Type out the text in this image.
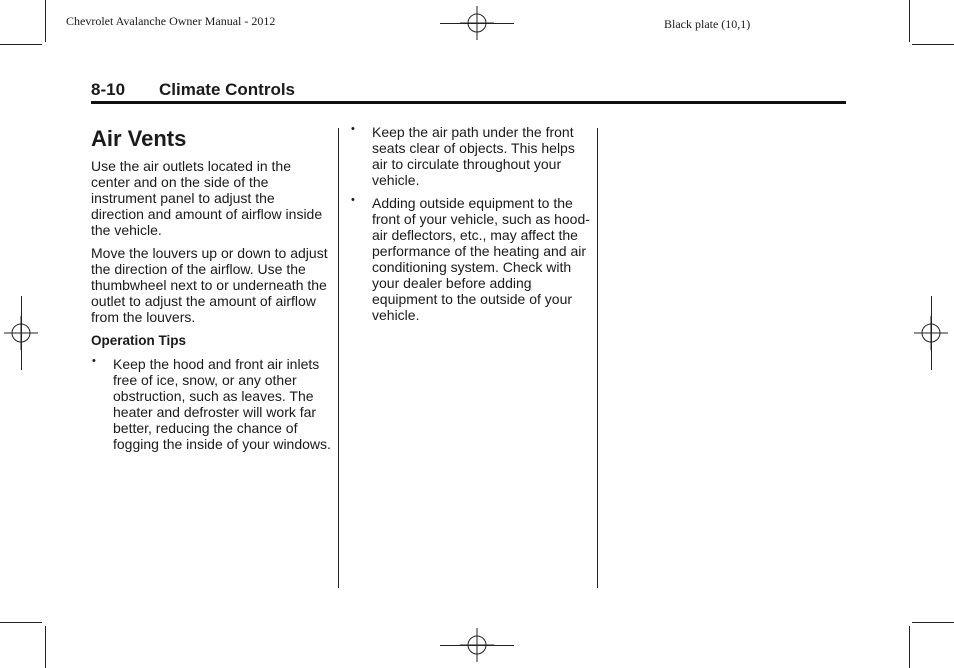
Chevrolet Avalanche Owner Manual - 2012	Black plate (10,1)
8-10 Climate Controls
Air Vents

Use the air outlets located in the center and on the side of the instrument panel to adjust the direction and amount of airflow inside the vehicle.

Move the louvers up or down to adjust the direction of the airflow. Use the thumbwheel next to or underneath the outlet to adjust the amount of airflow from the louvers.

Operation Tips
• Keep the hood and front air inlets free of ice, snow, or any other obstruction, such as leaves. The heater and defroster will work far better, reducing the chance of fogging the inside of your windows.
• Keep the air path under the front seats clear of objects. This helps air to circulate throughout your vehicle.
• Adding outside equipment to the front of your vehicle, such as hood-air deflectors, etc., may affect the performance of the heating and air conditioning system. Check with your dealer before adding equipment to the outside of your vehicle.
